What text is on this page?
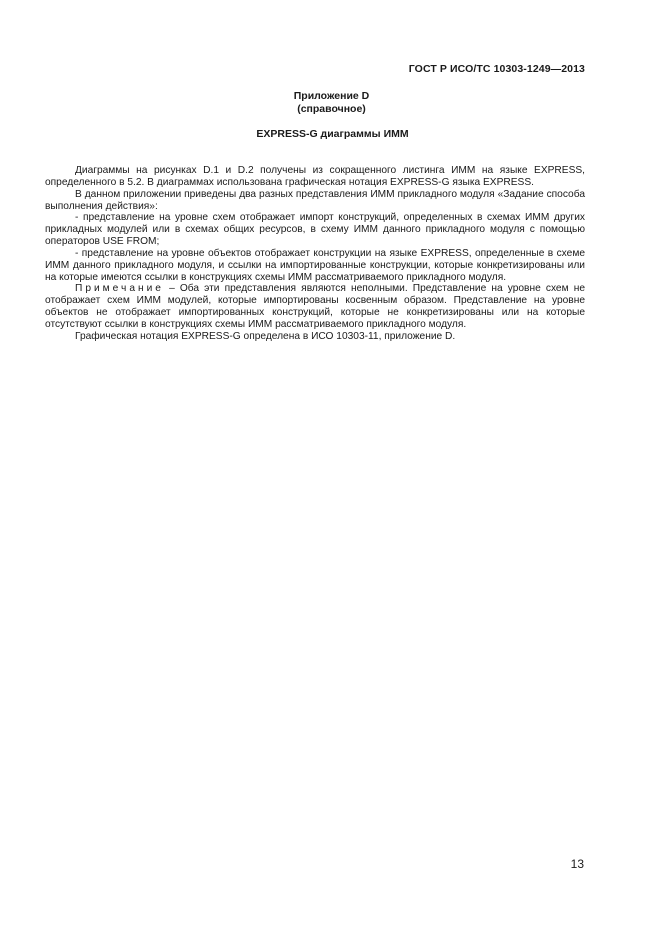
ГОСТ Р ИСО/ТС 10303-1249—2013
Приложение D
(справочное)
EXPRESS-G диаграммы ИММ

Диаграммы на рисунках D.1 и D.2 получены из сокращенного листинга ИММ на языке EXPRESS, определенного в 5.2. В диаграммах использована графическая нотация EXPRESS-G языка EXPRESS.

В данном приложении приведены два разных представления ИММ прикладного модуля «Задание способа выполнения действия»:

- представление на уровне схем отображает импорт конструкций, определенных в схемах ИММ других прикладных модулей или в схемах общих ресурсов, в схему ИММ данного прикладного модуля с помощью операторов USE FROM;

- представление на уровне объектов отображает конструкции на языке EXPRESS, определенные в схеме ИММ данного прикладного модуля, и ссылки на импортированные конструкции, которые конкретизированы или на которые имеются ссылки в конструкциях схемы ИММ рассматриваемого прикладного модуля.

Примечание – Оба эти представления являются неполными. Представление на уровне схем не отображает схем ИММ модулей, которые импортированы косвенным образом. Представление на уровне объектов не отображает импортированных конструкций, которые не конкретизированы или на которые отсутствуют ссылки в конструкциях схемы ИММ рассматриваемого прикладного модуля.

Графическая нотация EXPRESS-G определена в ИСО 10303-11, приложение D.

13
